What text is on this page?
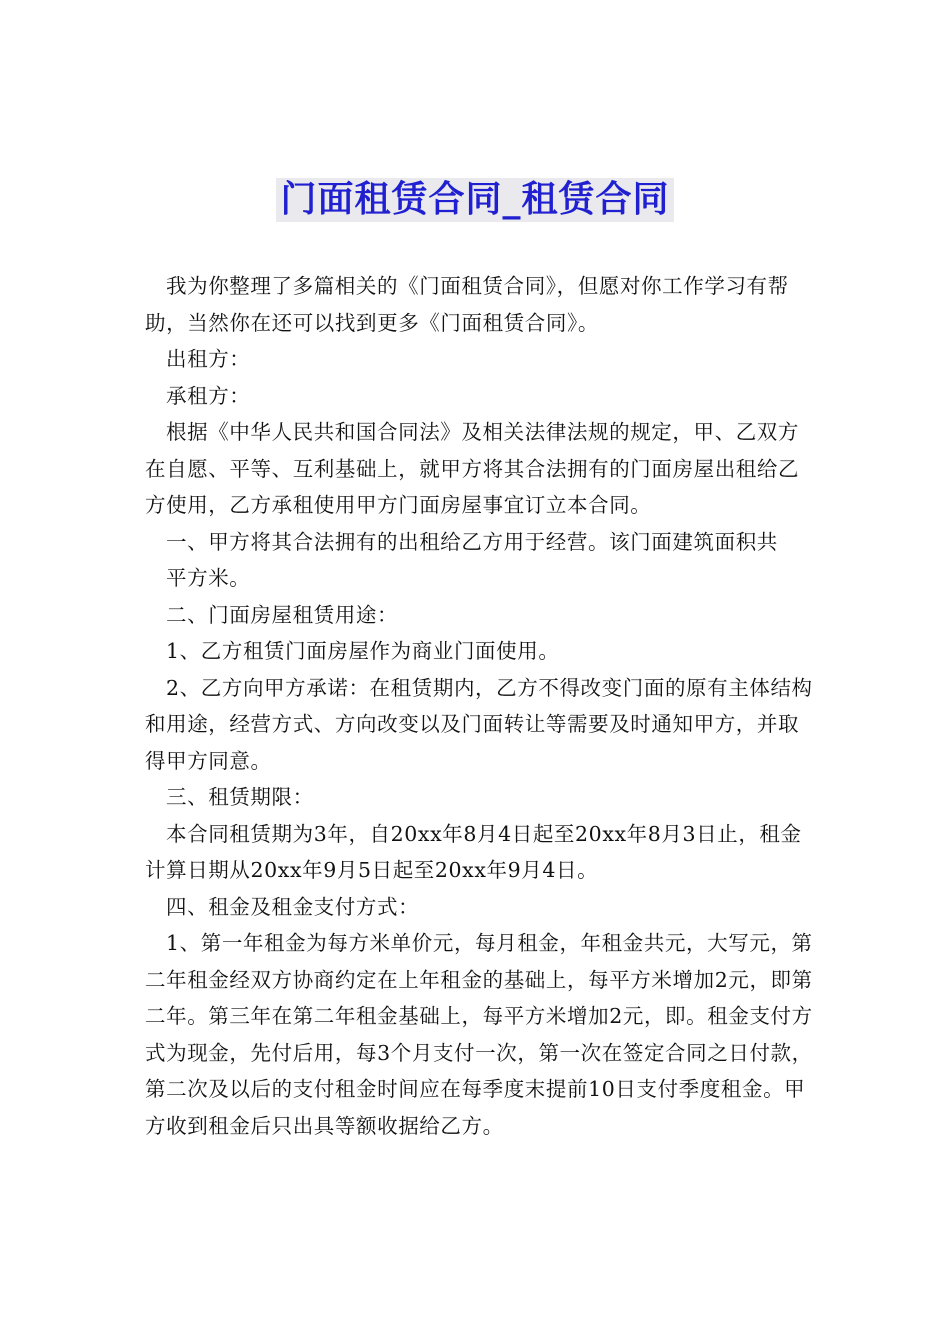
门面租赁合同_租赁合同

我为你整理了多篇相关的《门面租赁合同》，但愿对你工作学习有帮助，当然你在还可以找到更多《门面租赁合同》。

出租方：

承租方：

根据《中华人民共和国合同法》及相关法律法规的规定，甲、乙双方在自愿、平等、互利基础上，就甲方将其合法拥有的门面房屋出租给乙方使用，乙方承租使用甲方门面房屋事宜订立本合同。

一、甲方将其合法拥有的出租给乙方用于经营。该门面建筑面积共

平方米。

二、门面房屋租赁用途：

1、乙方租赁门面房屋作为商业门面使用。

2、乙方向甲方承诺：在租赁期内，乙方不得改变门面的原有主体结构和用途，经营方式、方向改变以及门面转让等需要及时通知甲方，并取得甲方同意。

三、租赁期限：

本合同租赁期为3年，自20xx年8月4日起至20xx年8月3日止，租金计算日期从20xx年9月5日起至20xx年9月4日。

四、租金及租金支付方式：

1、第一年租金为每方米单价元，每月租金，年租金共元，大写元，第二年租金经双方协商约定在上年租金的基础上，每平方米增加2元，即第二年。第三年在第二年租金基础上，每平方米增加2元，即。租金支付方式为现金，先付后用，每3个月支付一次，第一次在签定合同之日付款，第二次及以后的支付租金时间应在每季度末提前10日支付季度租金。甲方收到租金后只出具等额收据给乙方。
